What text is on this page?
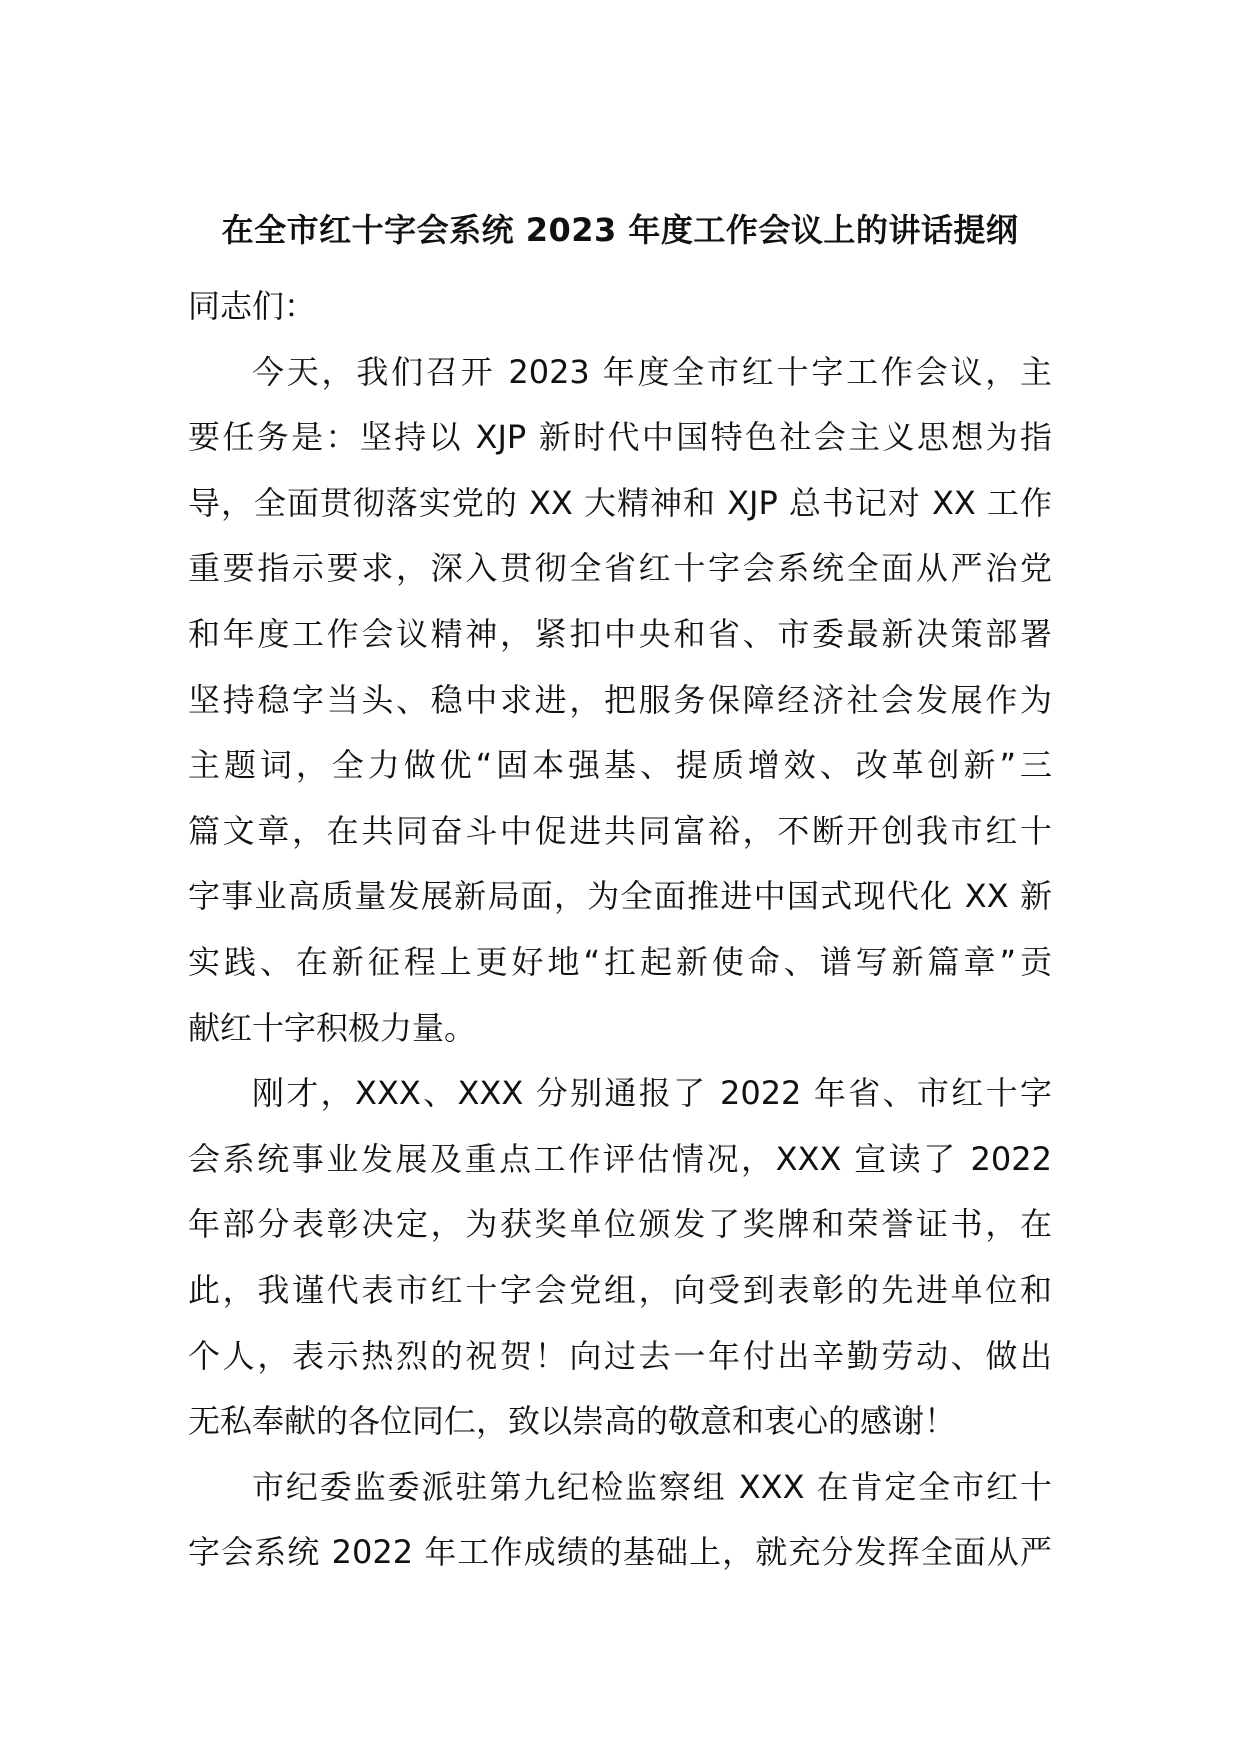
在全市红十字会系统 2023 年度工作会议上的讲话提纲
同志们：
今天，我们召开 2023 年度全市红十字工作会议，主
要任务是：坚持以 XJP 新时代中国特色社会主义思想为指
导，全面贯彻落实党的 XX 大精神和 XJP 总书记对 XX 工作
重要指示要求，深入贯彻全省红十字会系统全面从严治党
和年度工作会议精神，紧扣中央和省、市委最新决策部署
坚持稳字当头、稳中求进，把服务保障经济社会发展作为
主题词，全力做优“固本强基、提质增效、改革创新”三
篇文章，在共同奋斗中促进共同富裕，不断开创我市红十
字事业高质量发展新局面，为全面推进中国式现代化 XX 新
实践、在新征程上更好地“扛起新使命、谱写新篇章”贡
献红十字积极力量。
刚才，XXX、XXX 分别通报了 2022 年省、市红十字
会系统事业发展及重点工作评估情况，XXX 宣读了 2022
年部分表彰决定，为获奖单位颁发了奖牌和荣誉证书，在
此，我谨代表市红十字会党组，向受到表彰的先进单位和
个人，表示热烈的祝贺！向过去一年付出辛勤劳动、做出
无私奉献的各位同仁，致以崇高的敬意和衷心的感谢！
市纪委监委派驻第九纪检监察组 XXX 在肯定全市红十
字会系统 2022 年工作成绩的基础上，就充分发挥全面从严
